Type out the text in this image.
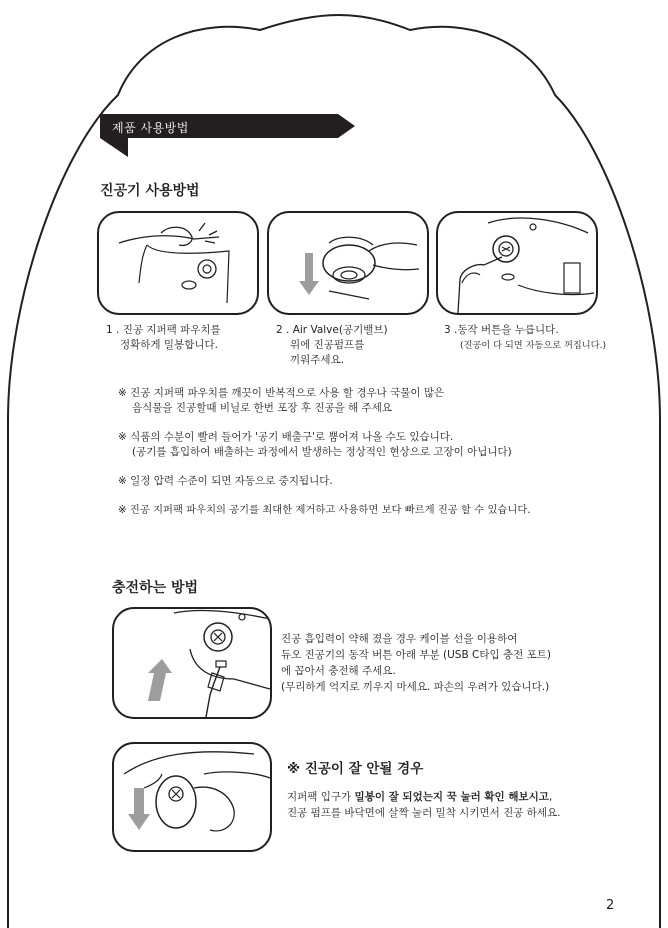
제품 사용방법
진공기 사용방법
1 . 진공 지퍼팩 파우치를
정확하게 밀봉합니다.
2 . Air Valve(공기밸브)
위에 진공펌프를
끼워주세요.
3 .동작 버튼을 누릅니다.
(진공이 다 되면 자동으로 꺼집니다.)
※ 진공 지퍼팩 파우치를 깨끗이 반복적으로 사용 할 경우나 국물이 많은
음식물을 진공할때 비닐로 한번 포장 후 진공을 해 주세요
※ 식품의 수분이 빨려 들어가 '공기 배출구'로 뿜어져 나올 수도 있습니다.
(공기를 흡입하여 배출하는 과정에서 발생하는 정상적인 현상으로 고장이 아닙니다)
※ 일정 압력 수준이 되면 자동으로 중지됩니다.
※ 진공 지퍼팩 파우치의 공기를 최대한 제거하고 사용하면 보다 빠르게 진공 할 수 있습니다.
충전하는 방법
진공 흡입력이 약해 졌을 경우 케이블 선을 이용하여
듀오 진공기의 동작 버튼 아래 부분 (USB C타입 충전 포트)
에 꼽아서 충전해 주세요.
(무리하게 억지로 끼우지 마세요. 파손의 우려가 있습니다.)
※ 진공이 잘 안될 경우
지퍼팩 입구가 밀봉이 잘 되었는지 꾹 눌러 확인 해보시고,
진공 펌프를 바닥면에 살짝 눌러 밀착 시키면서 진공 하세요.
2
